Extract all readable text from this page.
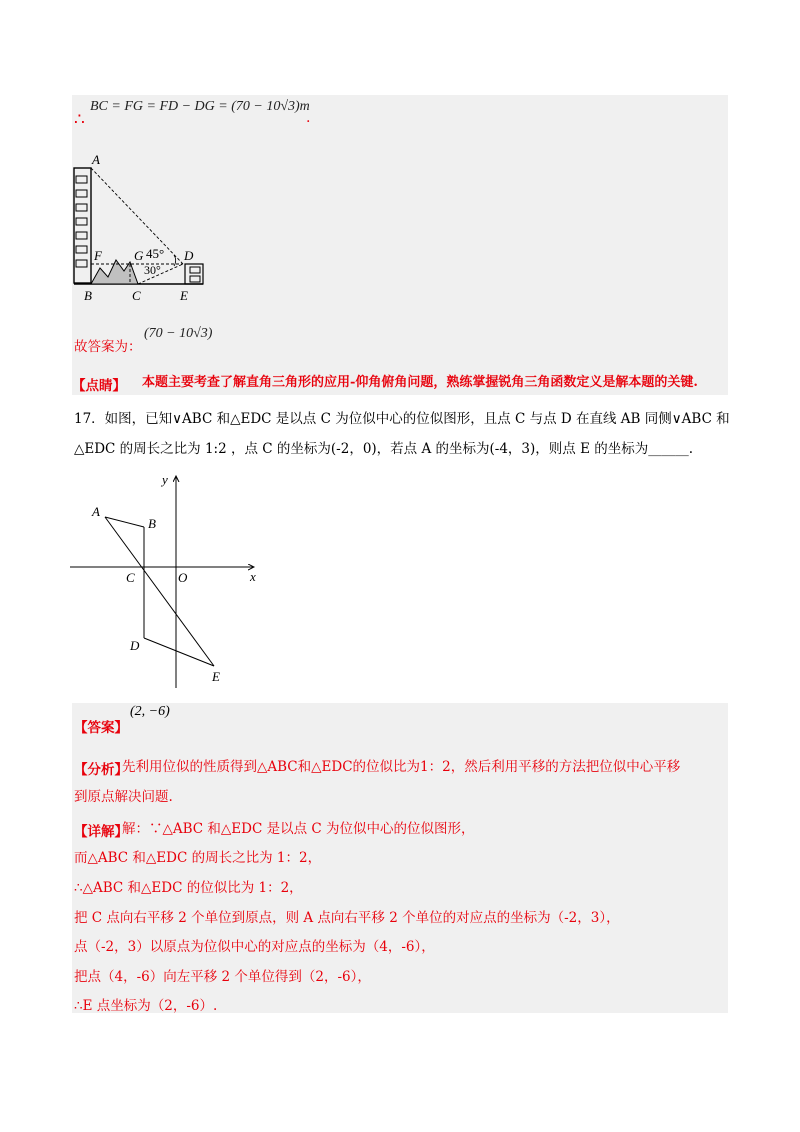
∴
BC = FG = FD − DG = (70 − 10√3)m
.
A
F G 45° D
30°
B	C	E
故答案为：
(70 − 10√3)
【点睛】 本题主要考查了解直角三角形的应用-仰角俯角问题，熟练掌握锐角三角函数定义是解本题的关键.
17．如图，已知∨ABC 和△EDC 是以点 C 为位似中心的位似图形，且点 C 与点 D 在直线 AB 同侧∨ABC 和
△EDC 的周长之比为 1:2 ，点 C 的坐标为(-2，0)，若点 A 的坐标为(-4，3)，则点 E 的坐标为______.
y
A
B
C	O	x
D
E
【答案】
(2, −6)
【分析】
先利用位似的性质得到△ABC和△EDC的位似比为1：2，然后利用平移的方法把位似中心平移
到原点解决问题.
【详解】
解：∵△ABC 和△EDC 是以点 C 为位似中心的位似图形，
而△ABC 和△EDC 的周长之比为 1：2，
∴△ABC 和△EDC 的位似比为 1：2，
把 C 点向右平移 2 个单位到原点，则 A 点向右平移 2 个单位的对应点的坐标为（-2，3），
点（-2，3）以原点为位似中心的对应点的坐标为（4，-6），
把点（4，-6）向左平移 2 个单位得到（2，-6），
∴E 点坐标为（2，-6）.
